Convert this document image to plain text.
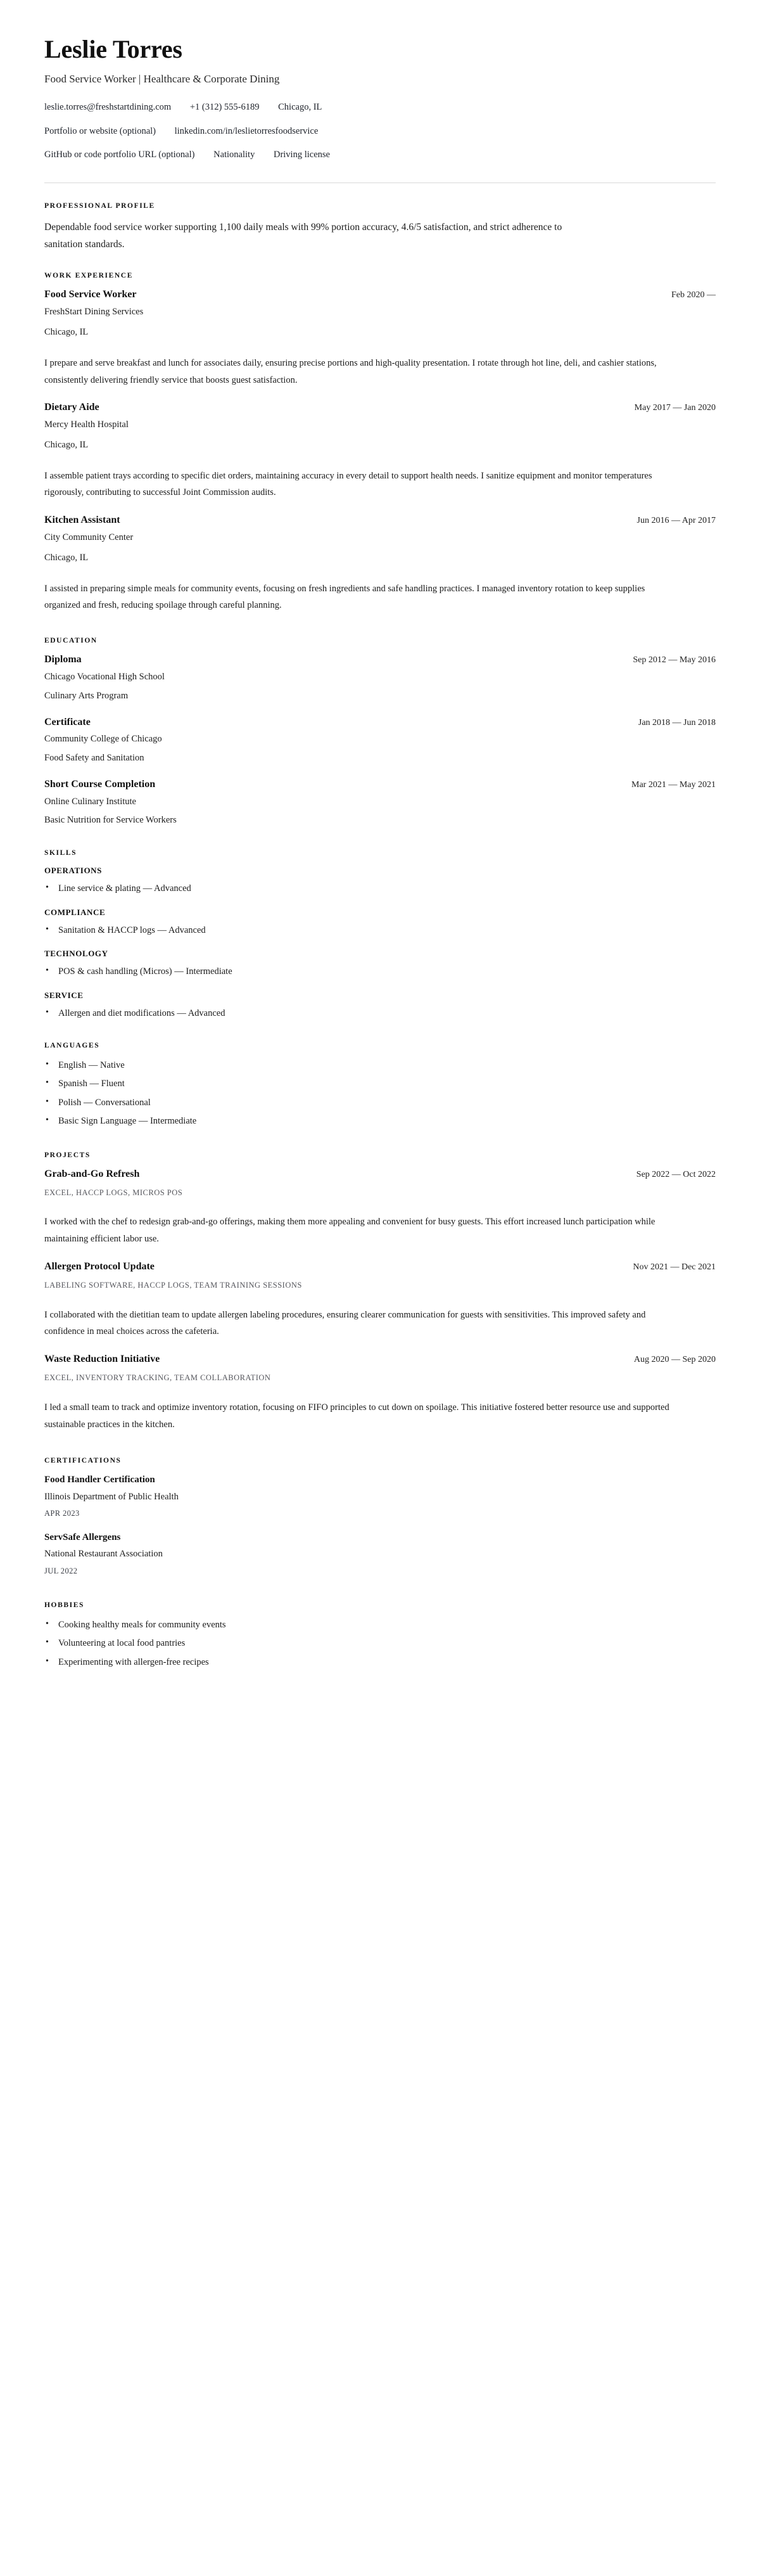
Leslie Torres
Food Service Worker | Healthcare & Corporate Dining
leslie.torres@freshstartdining.com +1 (312) 555-6189 Chicago, IL
Portfolio or website (optional) linkedin.com/in/leslietorresfoodservice
GitHub or code portfolio URL (optional) Nationality Driving license
PROFESSIONAL PROFILE

Dependable food service worker supporting 1,100 daily meals with 99% portion accuracy, 4.6/5 satisfaction, and strict adherence to sanitation standards.

WORK EXPERIENCE
Food Service Worker	Feb 2020 —
FreshStart Dining Services
Chicago, IL
I prepare and serve breakfast and lunch for associates daily, ensuring precise portions and high-quality presentation. I rotate through hot line, deli, and cashier stations, consistently delivering friendly service that boosts guest satisfaction.
Dietary Aide	May 2017 — Jan 2020
Mercy Health Hospital
Chicago, IL
I assemble patient trays according to specific diet orders, maintaining accuracy in every detail to support health needs. I sanitize equipment and monitor temperatures rigorously, contributing to successful Joint Commission audits.
Kitchen Assistant	Jun 2016 — Apr 2017
City Community Center
Chicago, IL
I assisted in preparing simple meals for community events, focusing on fresh ingredients and safe handling practices. I managed inventory rotation to keep supplies organized and fresh, reducing spoilage through careful planning.
EDUCATION
Diploma	Sep 2012 — May 2016
Chicago Vocational High School
Culinary Arts Program
Certificate	Jan 2018 — Jun 2018
Community College of Chicago
Food Safety and Sanitation
Short Course Completion	Mar 2021 — May 2021
Online Culinary Institute
Basic Nutrition for Service Workers
SKILLS
OPERATIONS
• Line service & plating — Advanced
COMPLIANCE
• Sanitation & HACCP logs — Advanced
TECHNOLOGY
• POS & cash handling (Micros) — Intermediate
SERVICE
• Allergen and diet modifications — Advanced
LANGUAGES
• English — Native
• Spanish — Fluent
• Polish — Conversational
• Basic Sign Language — Intermediate
PROJECTS
Grab-and-Go Refresh	Sep 2022 — Oct 2022
EXCEL, HACCP LOGS, MICROS POS
I worked with the chef to redesign grab-and-go offerings, making them more appealing and convenient for busy guests. This effort increased lunch participation while maintaining efficient labor use.
Allergen Protocol Update	Nov 2021 — Dec 2021
LABELING SOFTWARE, HACCP LOGS, TEAM TRAINING SESSIONS
I collaborated with the dietitian team to update allergen labeling procedures, ensuring clearer communication for guests with sensitivities. This improved safety and confidence in meal choices across the cafeteria.
Waste Reduction Initiative	Aug 2020 — Sep 2020
EXCEL, INVENTORY TRACKING, TEAM COLLABORATION
I led a small team to track and optimize inventory rotation, focusing on FIFO principles to cut down on spoilage. This initiative fostered better resource use and supported sustainable practices in the kitchen.
CERTIFICATIONS
Food Handler Certification
Illinois Department of Public Health
APR 2023
ServSafe Allergens
National Restaurant Association
JUL 2022
HOBBIES
• Cooking healthy meals for community events
• Volunteering at local food pantries
• Experimenting with allergen-free recipes
